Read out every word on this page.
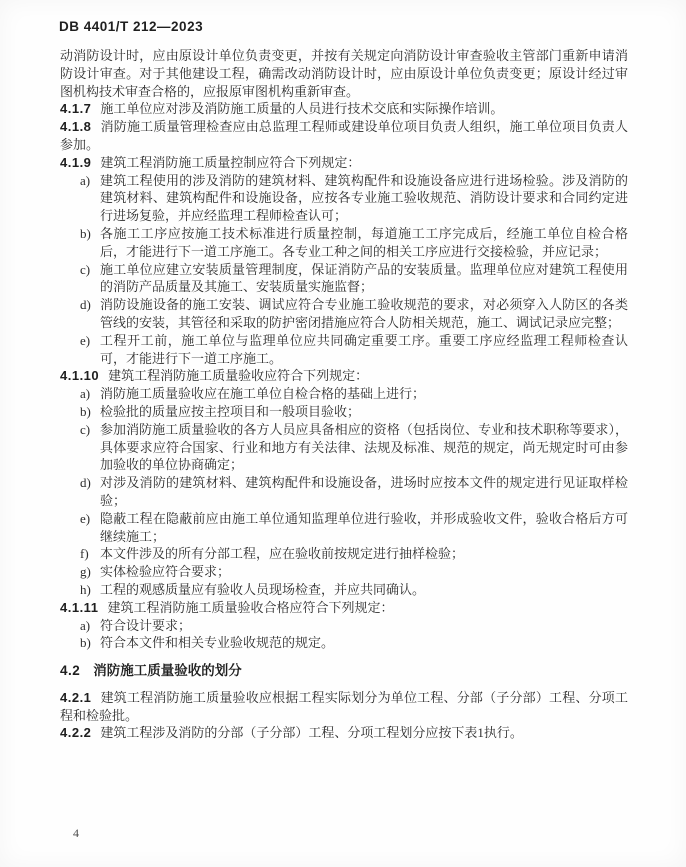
DB 4401/T 212—2023

动消防设计时，应由原设计单位负责变更，并按有关规定向消防设计审查验收主管部门重新申请消防设计审查。对于其他建设工程，确需改动消防设计时，应由原设计单位负责变更；原设计经过审图机构技术审查合格的，应报原审图机构重新审查。

4.1.7 施工单位应对涉及消防施工质量的人员进行技术交底和实际操作培训。

4.1.8 消防施工质量管理检查应由总监理工程师或建设单位项目负责人组织，施工单位项目负责人参加。

4.1.9 建筑工程消防施工质量控制应符合下列规定：

a) 建筑工程使用的涉及消防的建筑材料、建筑构配件和设施设备应进行进场检验。涉及消防的建筑材料、建筑构配件和设施设备，应按各专业施工验收规范、消防设计要求和合同约定进行进场复验，并应经监理工程师检查认可；
b) 各施工工序应按施工技术标准进行质量控制，每道施工工序完成后，经施工单位自检合格后，才能进行下一道工序施工。各专业工种之间的相关工序应进行交接检验，并应记录；
c) 施工单位应建立安装质量管理制度，保证消防产品的安装质量。监理单位应对建筑工程使用的消防产品质量及其施工、安装质量实施监督；
d) 消防设施设备的施工安装、调试应符合专业施工验收规范的要求，对必须穿入人防区的各类管线的安装，其管径和采取的防护密闭措施应符合人防相关规范，施工、调试记录应完整；
e) 工程开工前，施工单位与监理单位应共同确定重要工序。重要工序应经监理工程师检查认可，才能进行下一道工序施工。

4.1.10 建筑工程消防施工质量验收应符合下列规定：

a) 消防施工质量验收应在施工单位自检合格的基础上进行；
b) 检验批的质量应按主控项目和一般项目验收；
c) 参加消防施工质量验收的各方人员应具备相应的资格（包括岗位、专业和技术职称等要求），具体要求应符合国家、行业和地方有关法律、法规及标准、规范的规定，尚无规定时可由参加验收的单位协商确定；
d) 对涉及消防的建筑材料、建筑构配件和设施设备，进场时应按本文件的规定进行见证取样检验；
e) 隐蔽工程在隐蔽前应由施工单位通知监理单位进行验收，并形成验收文件，验收合格后方可继续施工；
f) 本文件涉及的所有分部工程，应在验收前按规定进行抽样检验；
g) 实体检验应符合要求；
h) 工程的观感质量应有验收人员现场检查，并应共同确认。

4.1.11 建筑工程消防施工质量验收合格应符合下列规定：

a) 符合设计要求；
b) 符合本文件和相关专业验收规范的规定。

4.2 消防施工质量验收的划分

4.2.1 建筑工程消防施工质量验收应根据工程实际划分为单位工程、分部（子分部）工程、分项工程和检验批。

4.2.2 建筑工程涉及消防的分部（子分部）工程、分项工程划分应按下表1执行。

4
